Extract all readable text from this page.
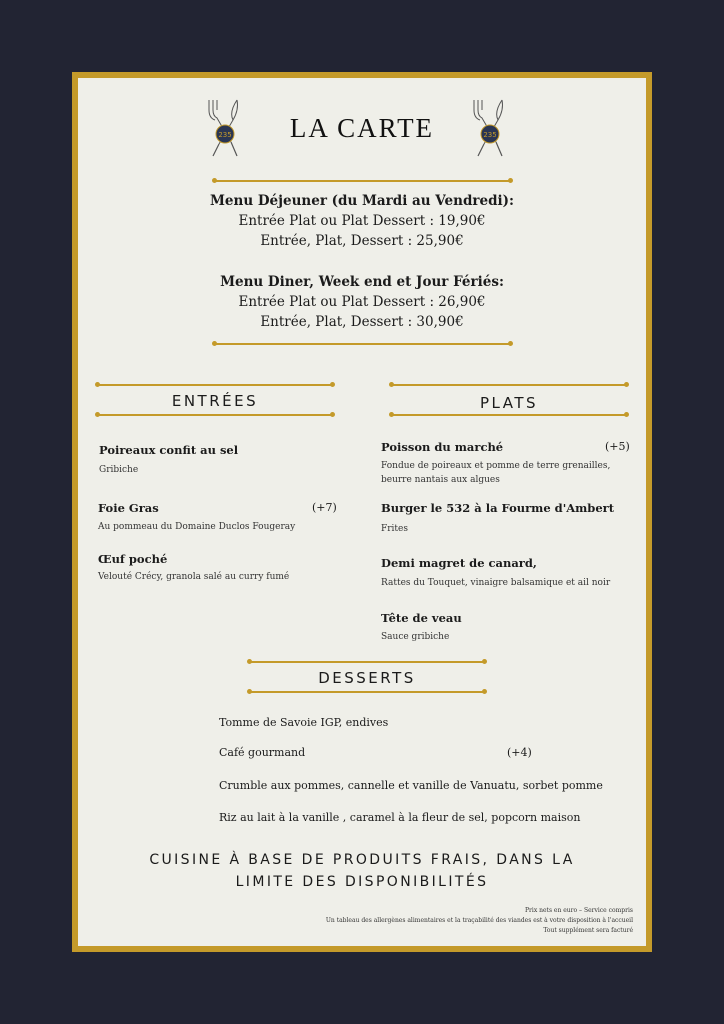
235	235
LA CARTE
Menu Déjeuner (du Mardi au Vendredi):
Entrée Plat ou Plat Dessert : 19,90€
Entrée, Plat, Dessert : 25,90€
Menu Diner, Week end et Jour Fériés:
Entrée Plat ou Plat Dessert : 26,90€
Entrée, Plat, Dessert : 30,90€
ENTRÉES
Poireaux confit au sel
Gribiche
Foie Gras	(+7)
Au pommeau du Domaine Duclos Fougeray
Œuf poché
Velouté Crécy, granola salé au curry fumé
PLATS
Poisson du marché	(+5)
Fondue de poireaux et pomme de terre grenailles,
beurre nantais aux algues
Burger le 532 à la Fourme d'Ambert
Frites
Demi magret de canard,
Rattes du Touquet, vinaigre balsamique et ail noir
Tête de veau
Sauce gribiche
DESSERTS
Tomme de Savoie IGP, endives
Café gourmand	(+4)
Crumble aux pommes, cannelle et vanille de Vanuatu, sorbet pomme
Riz au lait à la vanille , caramel à la fleur de sel, popcorn maison
CUISINE À BASE DE PRODUITS FRAIS, DANS LA
LIMITE DES DISPONIBILITÉS
Prix nets en euro – Service compris
Un tableau des allergènes alimentaires et la traçabilité des viandes est à votre disposition à l'accueil
Tout supplément sera facturé
